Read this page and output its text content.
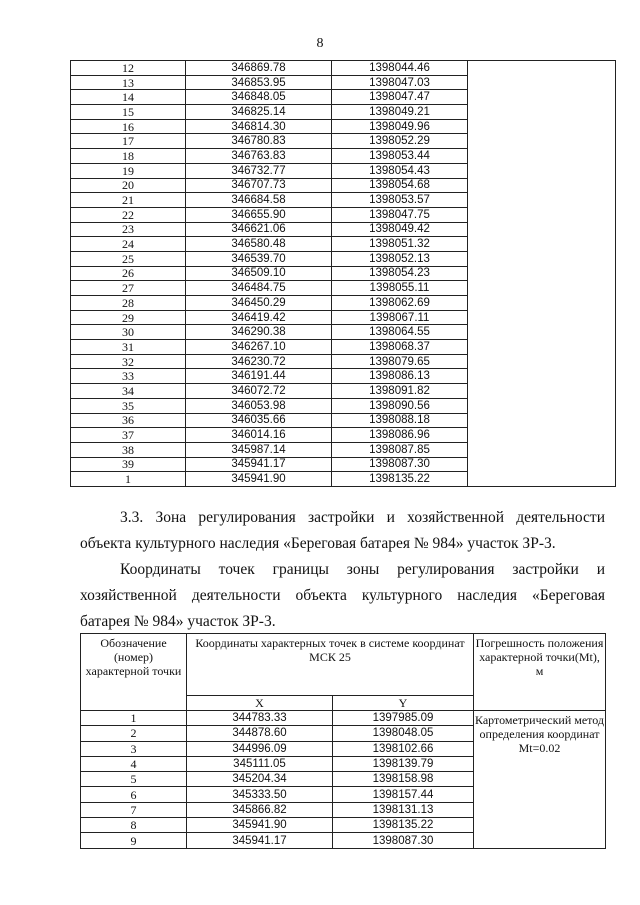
8
12	346869.78	1398044.46	
13	346853.95	1398047.03	
14	346848.05	1398047.47	
15	346825.14	1398049.21	
16	346814.30	1398049.96	
17	346780.83	1398052.29	
18	346763.83	1398053.44	
19	346732.77	1398054.43	
20	346707.73	1398054.68	
21	346684.58	1398053.57	
22	346655.90	1398047.75	
23	346621.06	1398049.42	
24	346580.48	1398051.32	
25	346539.70	1398052.13	
26	346509.10	1398054.23	
27	346484.75	1398055.11	
28	346450.29	1398062.69	
29	346419.42	1398067.11	
30	346290.38	1398064.55	
31	346267.10	1398068.37	
32	346230.72	1398079.65	
33	346191.44	1398086.13	
34	346072.72	1398091.82	
35	346053.98	1398090.56	
36	346035.66	1398088.18	
37	346014.16	1398086.96	
38	345987.14	1398087.85	
39	345941.17	1398087.30	
1	345941.90	1398135.22	
3.3. Зона регулирования застройки и хозяйственной деятельности
объекта культурного наследия «Береговая батарея № 984» участок ЗР-3.
Координаты точек границы зоны регулирования застройки и
хозяйственной деятельности объекта культурного наследия «Береговая
батарея № 984» участок ЗР-3.
Обозначение (номер) характерной точки	Координаты характерных точек в системе координат МСК 25		Погрешность положения характерной точки(Mt), м
	X	Y	
1	344783.33	1397985.09	Картометрический метод определения координат Mt=0.02
2	344878.60	1398048.05	
3	344996.09	1398102.66	
4	345111.05	1398139.79	
5	345204.34	1398158.98	
6	345333.50	1398157.44	
7	345866.82	1398131.13	
8	345941.90	1398135.22	
9	345941.17	1398087.30	
